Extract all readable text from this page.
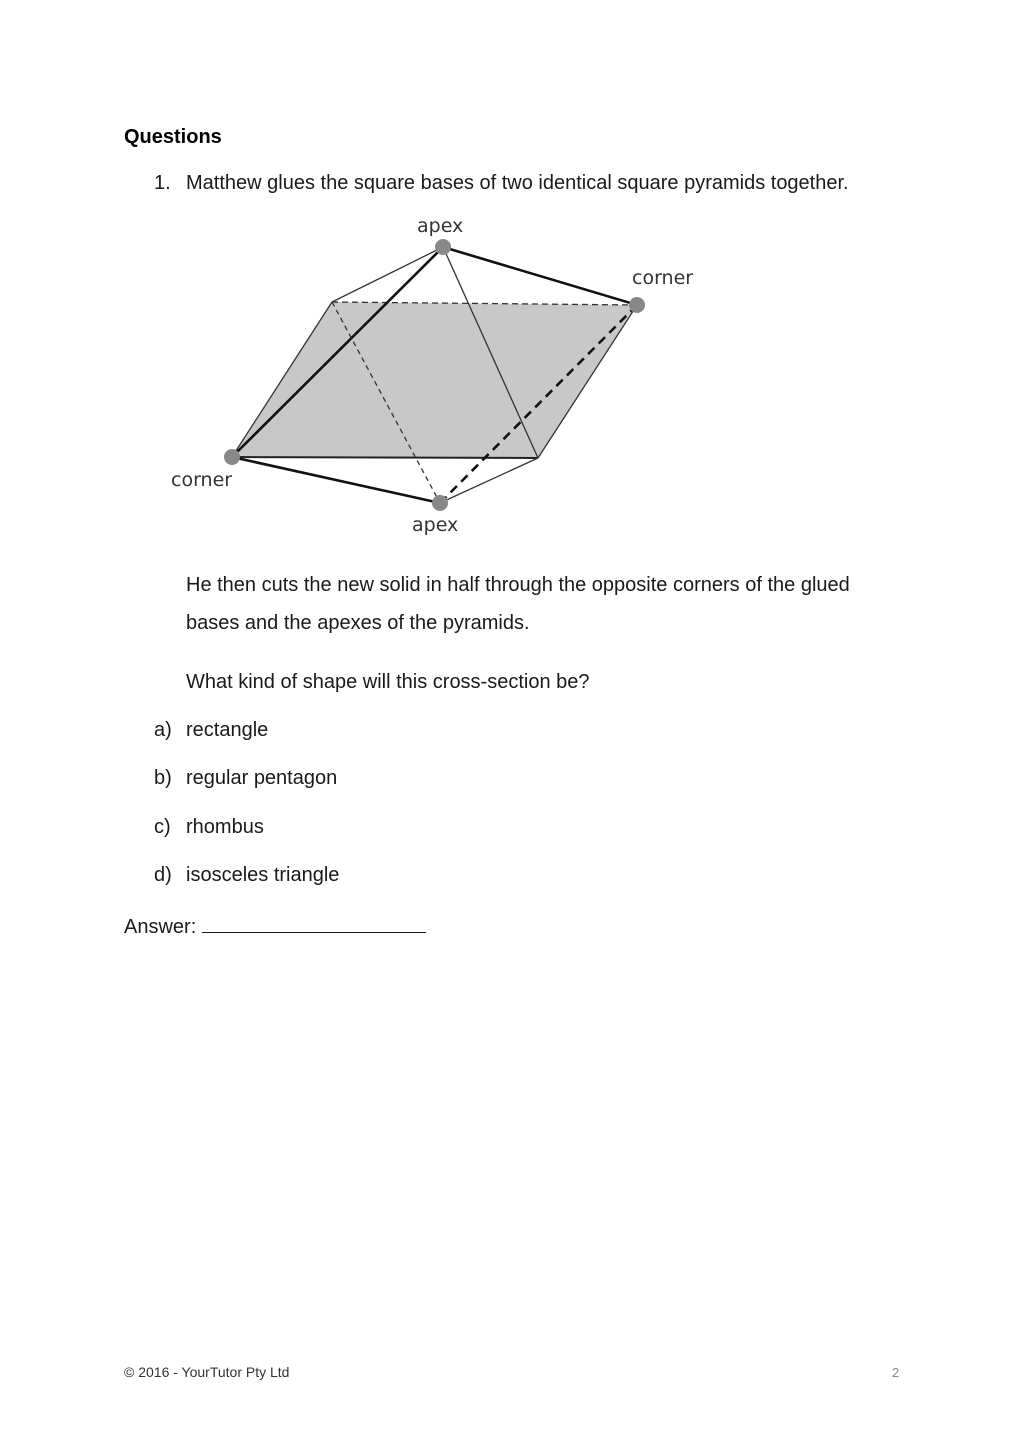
Questions
1. Matthew glues the square bases of two identical square pyramids together.
apex
corner
corner
apex
He then cuts the new solid in half through the opposite corners of the glued
bases and the apexes of the pyramids.
What kind of shape will this cross-section be?
a) rectangle
b) regular pentagon
c) rhombus
d) isosceles triangle
Answer:
© 2016 - YourTutor Pty Ltd	2
